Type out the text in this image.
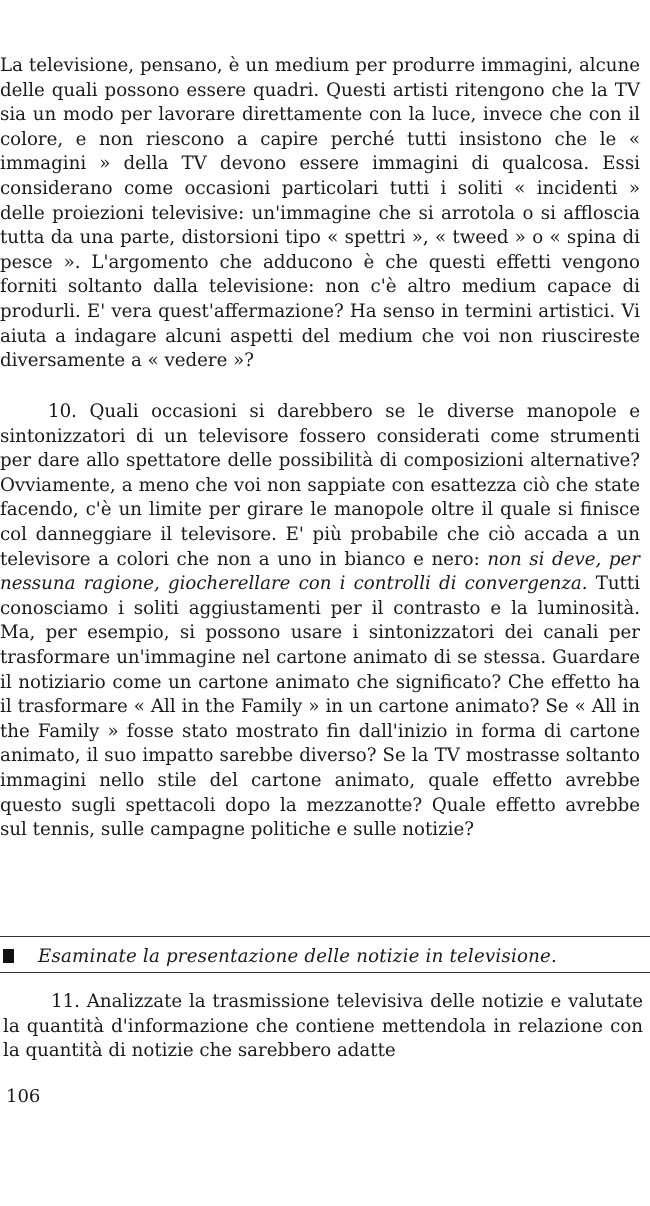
La televisione, pensano, è un medium per produrre immagini, alcune delle quali possono essere quadri. Questi artisti ritengono che la TV sia un modo per lavorare direttamente con la luce, invece che con il colore, e non riescono a capire perché tutti insistono che le « immagini » della TV devono essere immagini di qualcosa. Essi considerano come occasioni particolari tutti i soliti « incidenti » delle proiezioni televisive: un'immagine che si arrotola o si affloscia tutta da una parte, distorsioni tipo « spettri », « tweed » o « spina di pesce ». L'argomento che adducono è che questi effetti vengono forniti soltanto dalla televisione: non c'è altro medium capace di produrli. E' vera quest'affermazione? Ha senso in termini artistici. Vi aiuta a indagare alcuni aspetti del medium che voi non riuscireste diversamente a « vedere »?

10. Quali occasioni si darebbero se le diverse manopole e sintonizzatori di un televisore fossero considerati come strumenti per dare allo spettatore delle possibilità di composizioni alternative? Ovviamente, a meno che voi non sappiate con esattezza ciò che state facendo, c'è un limite per girare le manopole oltre il quale si finisce col danneggiare il televisore. E' più probabile che ciò accada a un televisore a colori che non a uno in bianco e nero: non si deve, per nessuna ragione, giocherellare con i controlli di convergenza. Tutti conosciamo i soliti aggiustamenti per il contrasto e la luminosità. Ma, per esempio, si possono usare i sintonizzatori dei canali per trasformare un'immagine nel cartone animato di se stessa. Guardare il notiziario come un cartone animato che significato? Che effetto ha il trasformare « All in the Family » in un cartone animato? Se « All in the Family » fosse stato mostrato fin dall'inizio in forma di cartone animato, il suo impatto sarebbe diverso? Se la TV mostrasse soltanto immagini nello stile del cartone animato, quale effetto avrebbe questo sugli spettacoli dopo la mezzanotte? Quale effetto avrebbe sul tennis, sulle campagne politiche e sulle notizie?

Esaminate la presentazione delle notizie in televisione.

11. Analizzate la trasmissione televisiva delle notizie e valutate la quantità d'informazione che contiene mettendola in relazione con la quantità di notizie che sarebbero adatte

106
